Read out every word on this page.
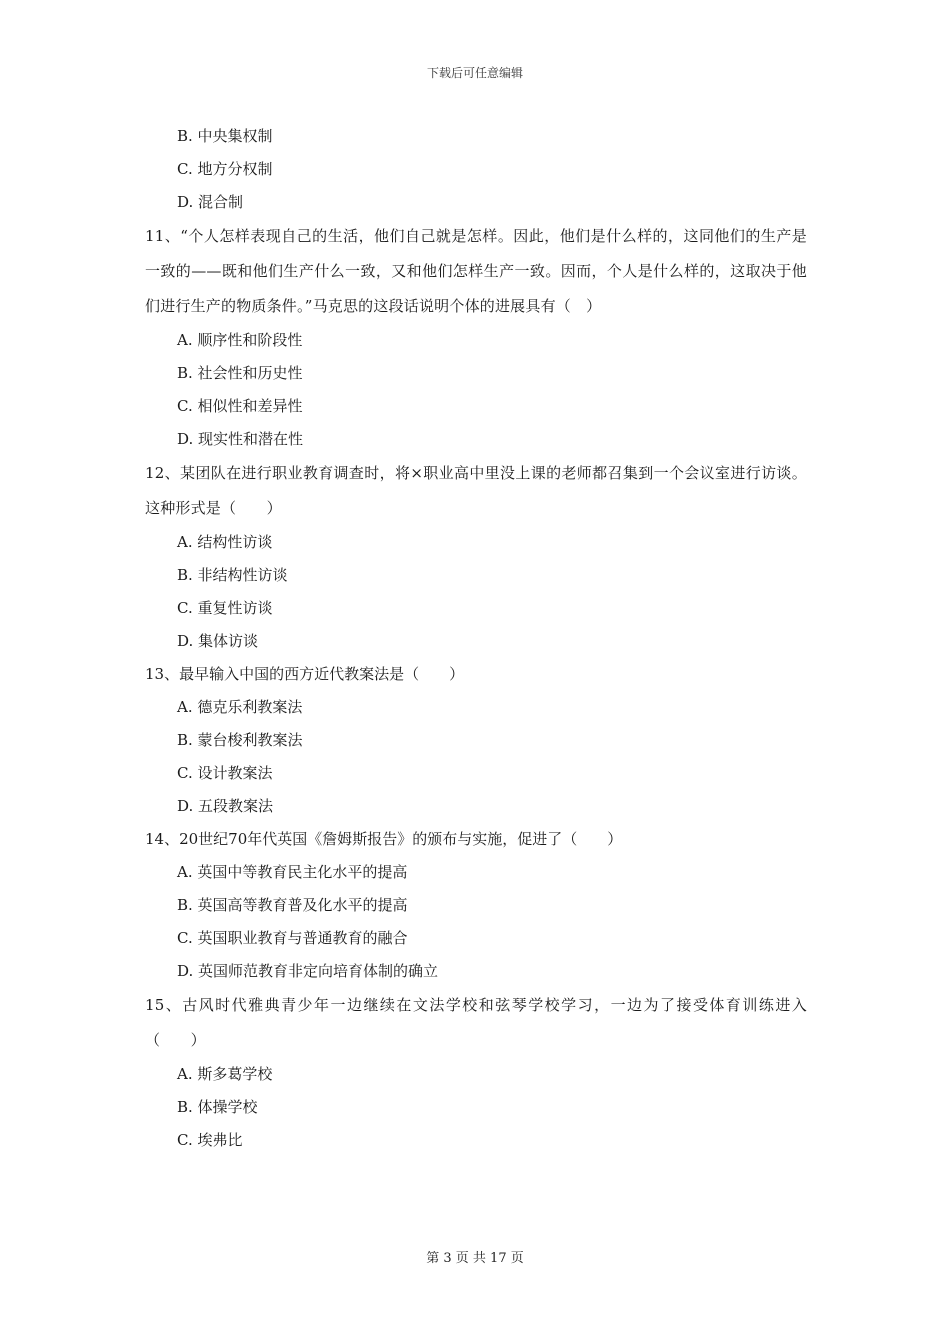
下载后可任意编辑
B. 中央集权制
C. 地方分权制
D. 混合制
11、“个人怎样表现自己的生活，他们自己就是怎样。因此，他们是什么样的，这同他们的生产是一致的——既和他们生产什么一致，又和他们怎样生产一致。因而，个人是什么样的，这取决于他们进行生产的物质条件。”马克思的这段话说明个体的进展具有（　）
A. 顺序性和阶段性
B. 社会性和历史性
C. 相似性和差异性
D. 现实性和潜在性
12、某团队在进行职业教育调查时，将×职业高中里没上课的老师都召集到一个会议室进行访谈。这种形式是（　　）
A. 结构性访谈
B. 非结构性访谈
C. 重复性访谈
D. 集体访谈
13、最早输入中国的西方近代教案法是（　　）
A. 德克乐利教案法
B. 蒙台梭利教案法
C. 设计教案法
D. 五段教案法
14、20世纪70年代英国《詹姆斯报告》的颁布与实施，促进了（　　）
A. 英国中等教育民主化水平的提高
B. 英国高等教育普及化水平的提高
C. 英国职业教育与普通教育的融合
D. 英国师范教育非定向培育体制的确立
15、古风时代雅典青少年一边继续在文法学校和弦琴学校学习，一边为了接受体育训练进入（　　）
A. 斯多葛学校
B. 体操学校
C. 埃弗比
第 3 页 共 17 页
